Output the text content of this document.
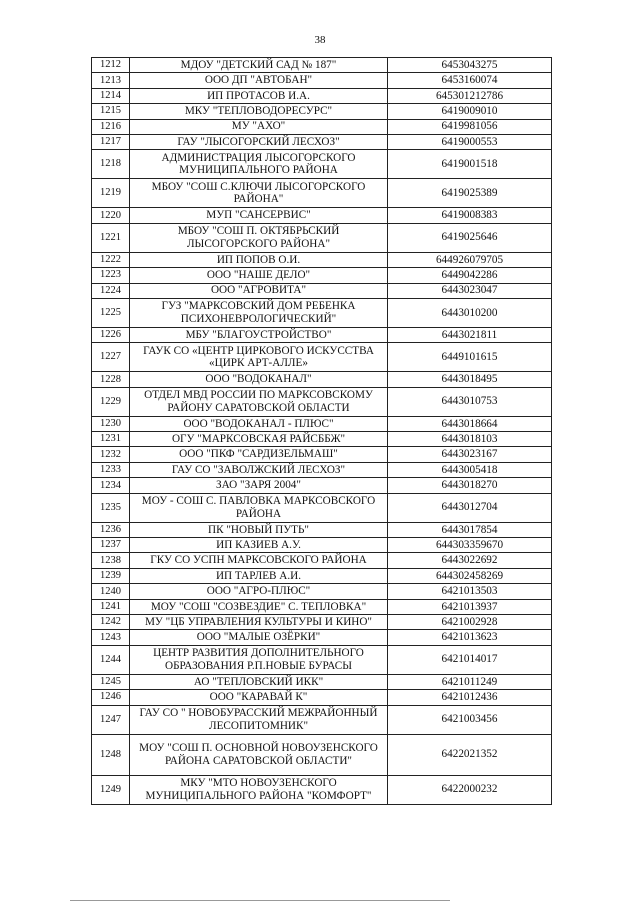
38
1212	МДОУ "ДЕТСКИЙ САД № 187"	6453043275
1213	ООО ДП "АВТОБАН"	6453160074
1214	ИП ПРОТАСОВ И.А.	645301212786
1215	МКУ "ТЕПЛОВОДОРЕСУРС"	6419009010
1216	МУ "АХО"	6419981056
1217	ГАУ "ЛЫСОГОРСКИЙ ЛЕСХОЗ"	6419000553
1218	АДМИНИСТРАЦИЯ ЛЫСОГОРСКОГО МУНИЦИПАЛЬНОГО РАЙОНА	6419001518
1219	МБОУ "СОШ С.КЛЮЧИ ЛЫСОГОРСКОГО РАЙОНА"	6419025389
1220	МУП "САНСЕРВИС"	6419008383
1221	МБОУ "СОШ П. ОКТЯБРЬСКИЙ ЛЫСОГОРСКОГО РАЙОНА"	6419025646
1222	ИП ПОПОВ О.И.	644926079705
1223	ООО "НАШЕ ДЕЛО"	6449042286
1224	ООО "АГРОВИТА"	6443023047
1225	ГУЗ "МАРКСОВСКИЙ ДОМ РЕБЕНКА ПСИХОНЕВРОЛОГИЧЕСКИЙ"	6443010200
1226	МБУ "БЛАГОУСТРОЙСТВО"	6443021811
1227	ГАУК СО «ЦЕНТР ЦИРКОВОГО ИСКУССТВА «ЦИРК АРТ-АЛЛЕ»	6449101615
1228	ООО "ВОДОКАНАЛ"	6443018495
1229	ОТДЕЛ МВД РОССИИ ПО МАРКСОВСКОМУ РАЙОНУ САРАТОВСКОЙ ОБЛАСТИ	6443010753
1230	ООО "ВОДОКАНАЛ - ПЛЮС"	6443018664
1231	ОГУ "МАРКСОВСКАЯ РАЙСББЖ"	6443018103
1232	ООО "ПКФ "САРДИЗЕЛЬМАШ"	6443023167
1233	ГАУ СО "ЗАВОЛЖСКИЙ ЛЕСХОЗ"	6443005418
1234	ЗАО "ЗАРЯ 2004"	6443018270
1235	МОУ - СОШ С. ПАВЛОВКА МАРКСОВСКОГО РАЙОНА	6443012704
1236	ПК "НОВЫЙ ПУТЬ"	6443017854
1237	ИП КАЗИЕВ А.У.	644303359670
1238	ГКУ СО УСПН МАРКСОВСКОГО РАЙОНА	6443022692
1239	ИП ТАРЛЕВ А.И.	644302458269
1240	ООО "АГРО-ПЛЮС"	6421013503
1241	МОУ "СОШ "СОЗВЕЗДИЕ" С. ТЕПЛОВКА"	6421013937
1242	МУ "ЦБ УПРАВЛЕНИЯ КУЛЬТУРЫ И КИНО"	6421002928
1243	ООО "МАЛЫЕ ОЗЁРКИ"	6421013623
1244	ЦЕНТР РАЗВИТИЯ ДОПОЛНИТЕЛЬНОГО ОБРАЗОВАНИЯ Р.П.НОВЫЕ БУРАСЫ	6421014017
1245	АО "ТЕПЛОВСКИЙ ИКК"	6421011249
1246	ООО "КАРАВАЙ К"	6421012436
1247	ГАУ СО " НОВОБУРАССКИЙ МЕЖРАЙОННЫЙ ЛЕСОПИТОМНИК"	6421003456
1248	МОУ "СОШ П. ОСНОВНОЙ НОВОУЗЕНСКОГО РАЙОНА САРАТОВСКОЙ ОБЛАСТИ"	6422021352
1249	МКУ "МТО НОВОУЗЕНСКОГО МУНИЦИПАЛЬНОГО РАЙОНА "КОМФОРТ"	6422000232
